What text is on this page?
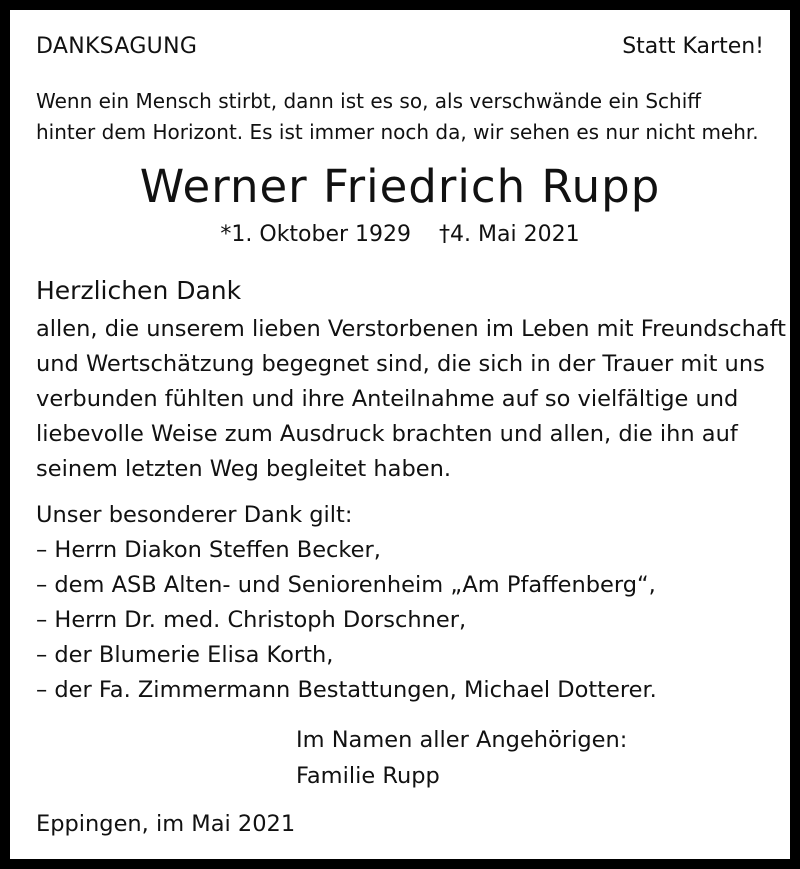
DANKSAGUNG	Statt Karten!

Wenn ein Mensch stirbt, dann ist es so, als verschwände ein Schiff
hinter dem Horizont. Es ist immer noch da, wir sehen es nur nicht mehr.
Werner Friedrich Rupp
*1. Oktober 1929 †4. Mai 2021

Herzlichen Dank

allen, die unserem lieben Verstorbenen im Leben mit Freundschaft
und Wertschätzung begegnet sind, die sich in der Trauer mit uns
verbunden fühlten und ihre Anteilnahme auf so vielfältige und
liebevolle Weise zum Ausdruck brachten und allen, die ihn auf
seinem letzten Weg begleitet haben.
Unser besonderer Dank gilt:
– Herrn Diakon Steffen Becker,
– dem ASB Alten- und Seniorenheim „Am Pfaffenberg“,
– Herrn Dr. med. Christoph Dorschner,
– der Blumerie Elisa Korth,
– der Fa. Zimmermann Bestattungen, Michael Dotterer.
Im Namen aller Angehörigen:
Familie Rupp

Eppingen, im Mai 2021
